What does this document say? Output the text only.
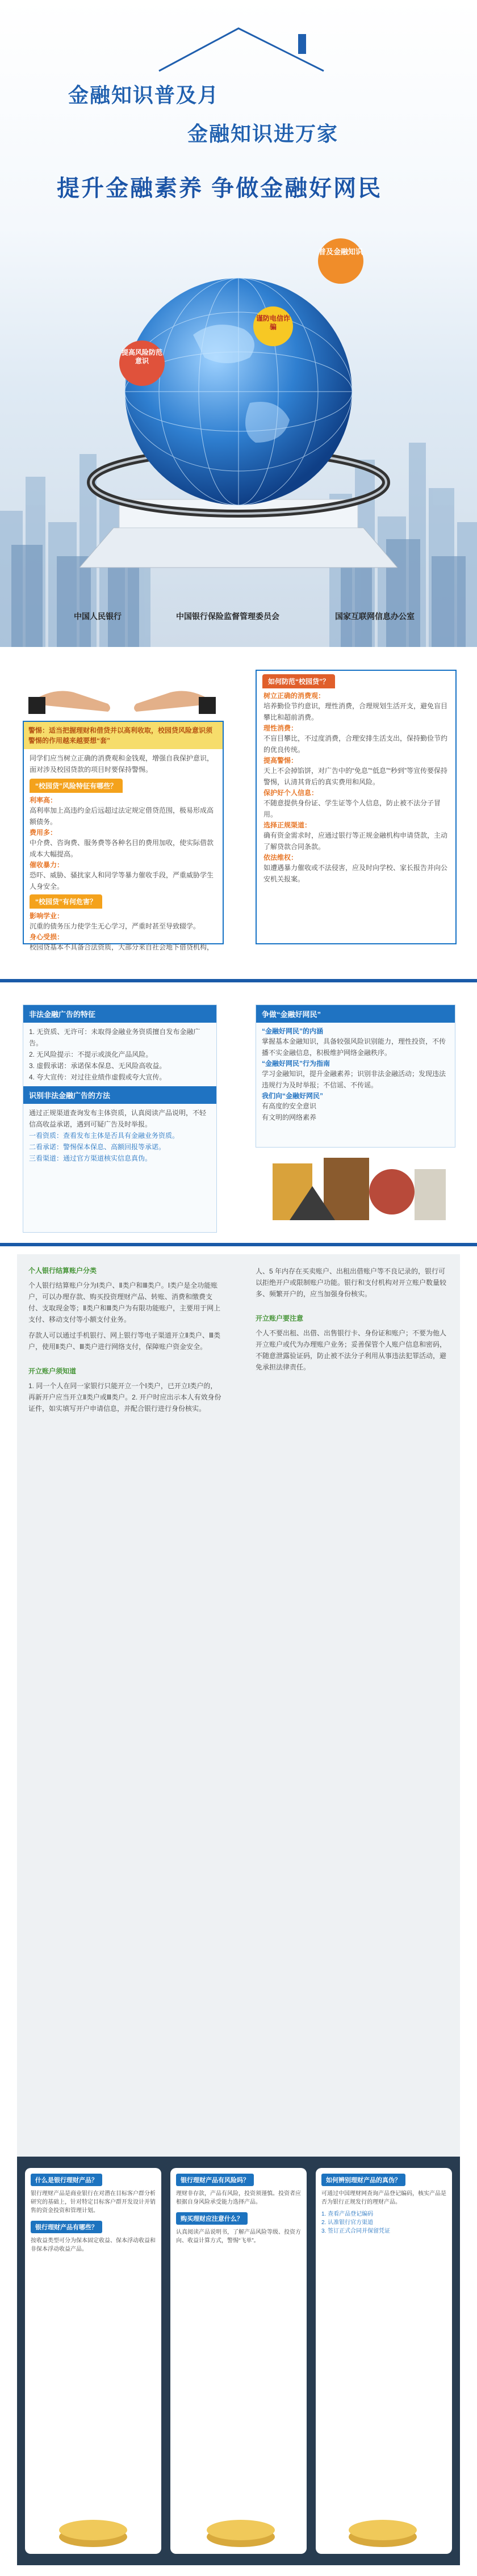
金融知识普及月
金融知识进万家
提升金融素养 争做金融好网民
普及金融知识
谨防电信诈骗
提高风险防范意识
中国人民银行	中国银行保险监督管理委员会	国家互联网信息办公室
警惕：适当把握理财和借贷并以高利收取，校园贷风险意识须警惕的作用越来越要想“套”
同学们应当树立正确的消费观和金钱观，增强自我保护意识，面对涉及校园贷款的项目时要保持警惕。
“校园贷”风险特征有哪些？
利率高：
高利率加上高违约金后远超过法定规定借贷范围，极易形成高额债务。
费用多：
中介费、咨询费、服务费等各种名目的费用加收，使实际借款成本大幅提高。
催收暴力：
恐吓、威胁、骚扰家人和同学等暴力催收手段，严重威胁学生人身安全。
“校园贷”有何危害？
影响学业：
沉重的债务压力使学生无心学习，严重时甚至导致辍学。
身心受损：
校园贷基本不具备合法资质，大部分来自社会地下借贷机构，
如何防范“校园贷”？
树立正确的消费观：
培养勤俭节约意识，理性消费，合理规划生活开支，避免盲目攀比和超前消费。
理性消费：
不盲目攀比，不过度消费，合理安排生活支出，保持勤俭节约的优良传统。
提高警惕：
天上不会掉馅饼，对广告中的“免息”“低息”“秒到”等宣传要保持警惕，认清其背后的真实费用和风险。
保护好个人信息：
不随意提供身份证、学生证等个人信息，防止被不法分子冒用。
选择正规渠道：
确有资金需求时，应通过银行等正规金融机构申请贷款，主动了解贷款合同条款。
依法维权：
如遭遇暴力催收或不法侵害，应及时向学校、家长报告并向公安机关报案。
非法金融广告的特征
1. 无资质、无许可：未取得金融业务资质擅自发布金融广告。
2. 无风险提示：不提示或淡化产品风险。
3. 虚假承诺：承诺保本保息、无风险高收益。
4. 夸大宣传：对过往业绩作虚假或夸大宣传。
识别非法金融广告的方法
通过正规渠道查询发布主体资质，认真阅读产品说明，不轻信高收益承诺，遇到可疑广告及时举报。
一看资质：查看发布主体是否具有金融业务资质。
二看承诺：警惕保本保息、高额回报等承诺。
三看渠道：通过官方渠道核实信息真伪。
争做“金融好网民”
“金融好网民”的内涵
掌握基本金融知识，具备较强风险识别能力，理性投资，不传播不实金融信息，积极维护网络金融秩序。
“金融好网民”行为指南
学习金融知识，提升金融素养；识别非法金融活动；发现违法违规行为及时举报；不信谣、不传谣。
我们向“金融好网民”
有高度的安全意识
有文明的网络素养
个人银行结算账户分类
个人银行结算账户分为Ⅰ类户、Ⅱ类户和Ⅲ类户。Ⅰ类户是全功能账户，可以办理存款、购买投资理财产品、转账、消费和缴费支付、支取现金等；Ⅱ类户和Ⅲ类户为有限功能账户，主要用于网上支付、移动支付等小额支付业务。
存款人可以通过手机银行、网上银行等电子渠道开立Ⅱ类户、Ⅲ类户，使用Ⅱ类户、Ⅲ类户进行网络支付，保障账户资金安全。
开立账户须知道
1. 同一个人在同一家银行只能开立一个Ⅰ类户，已开立Ⅰ类户的，再新开户应当开立Ⅱ类户或Ⅲ类户。2. 开户时应出示本人有效身份证件，如实填写开户申请信息，并配合银行进行身份核实。
人、5 年内存在买卖账户、出租出借账户等不良记录的，银行可以拒绝开户或限制账户功能。银行和支付机构对开立账户数量较多、频繁开户的，应当加强身份核实。
开立账户要注意
个人不要出租、出借、出售银行卡、身份证和账户；不要为他人开立账户或代为办理账户业务；妥善保管个人账户信息和密码，不随意泄露验证码，防止被不法分子利用从事违法犯罪活动，避免承担法律责任。
什么是银行理财产品？
银行理财产品是商业银行在对潜在目标客户群分析研究的基础上，针对特定目标客户群开发设计并销售的资金投资和管理计划。
银行理财产品有哪些？
按收益类型可分为保本固定收益、保本浮动收益和非保本浮动收益产品。
银行理财产品有风险吗？
理财非存款，产品有风险，投资须谨慎。投资者应根据自身风险承受能力选择产品。
购买理财应注意什么？
认真阅读产品说明书，了解产品风险等级、投资方向、收益计算方式，警惕“飞单”。
如何辨别理财产品的真伪？
可通过中国理财网查询产品登记编码，核实产品是否为银行正规发行的理财产品。
1. 查看产品登记编码
2. 认准银行官方渠道
3. 签订正式合同并保留凭证
